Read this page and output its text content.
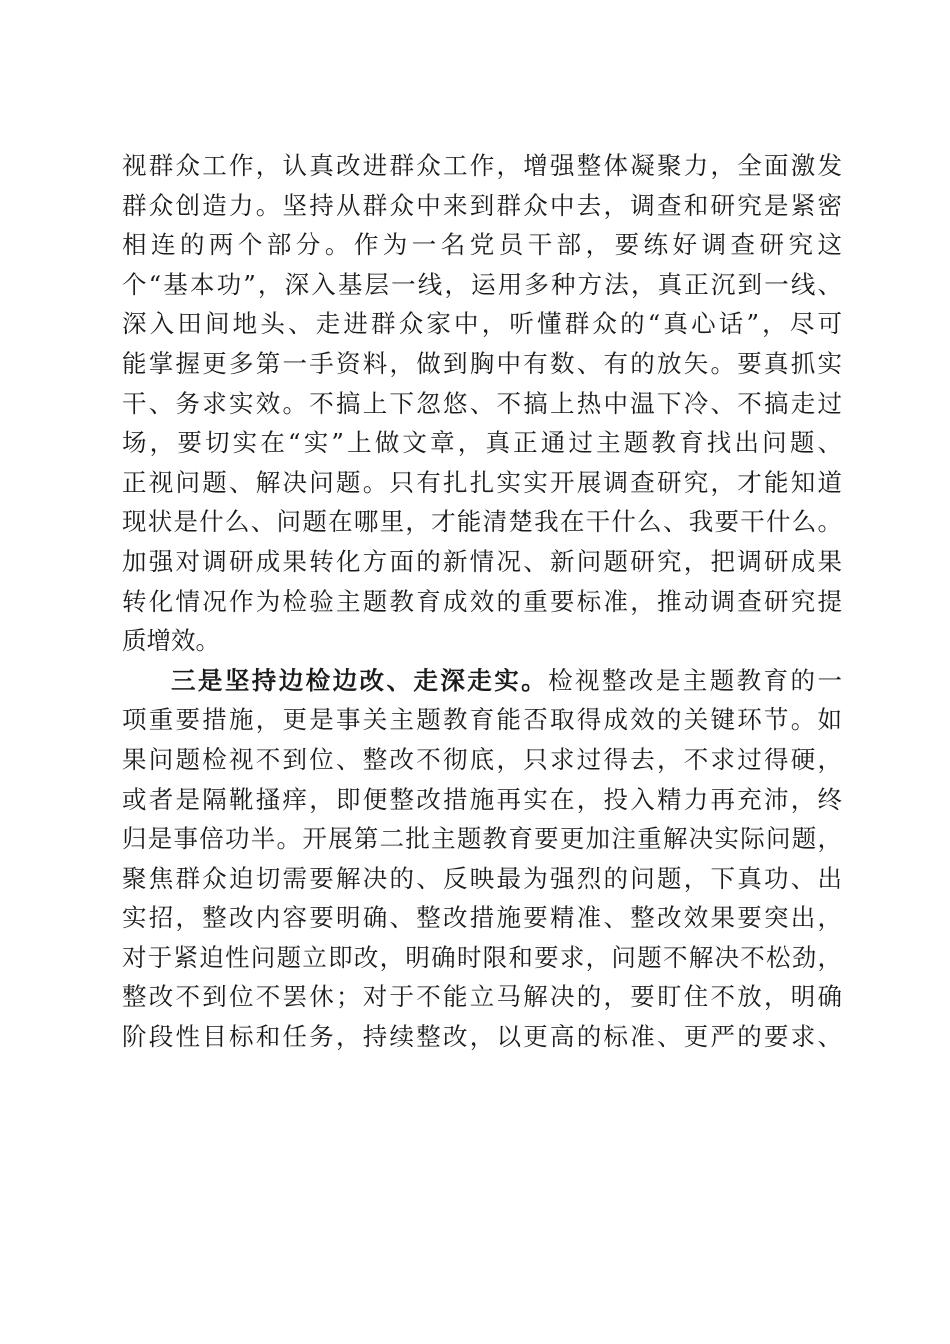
视群众工作，认真改进群众工作，增强整体凝聚力，全面激发
群众创造力。坚持从群众中来到群众中去，调查和研究是紧密
相连的两个部分。作为一名党员干部，要练好调查研究这
个“基本功”，深入基层一线，运用多种方法，真正沉到一线、
深入田间地头、走进群众家中，听懂群众的“真心话”，尽可
能掌握更多第一手资料，做到胸中有数、有的放矢。要真抓实
干、务求实效。不搞上下忽悠、不搞上热中温下冷、不搞走过
场，要切实在“实”上做文章，真正通过主题教育找出问题、
正视问题、解决问题。只有扎扎实实开展调查研究，才能知道
现状是什么、问题在哪里，才能清楚我在干什么、我要干什么。
加强对调研成果转化方面的新情况、新问题研究，把调研成果
转化情况作为检验主题教育成效的重要标准，推动调查研究提
质增效。
三是坚持边检边改、走深走实。检视整改是主题教育的一
项重要措施，更是事关主题教育能否取得成效的关键环节。如
果问题检视不到位、整改不彻底，只求过得去，不求过得硬，
或者是隔靴搔痒，即便整改措施再实在，投入精力再充沛，终
归是事倍功半。开展第二批主题教育要更加注重解决实际问题，
聚焦群众迫切需要解决的、反映最为强烈的问题，下真功、出
实招，整改内容要明确、整改措施要精准、整改效果要突出，
对于紧迫性问题立即改，明确时限和要求，问题不解决不松劲，
整改不到位不罢休；对于不能立马解决的，要盯住不放，明确
阶段性目标和任务，持续整改，以更高的标准、更严的要求、
